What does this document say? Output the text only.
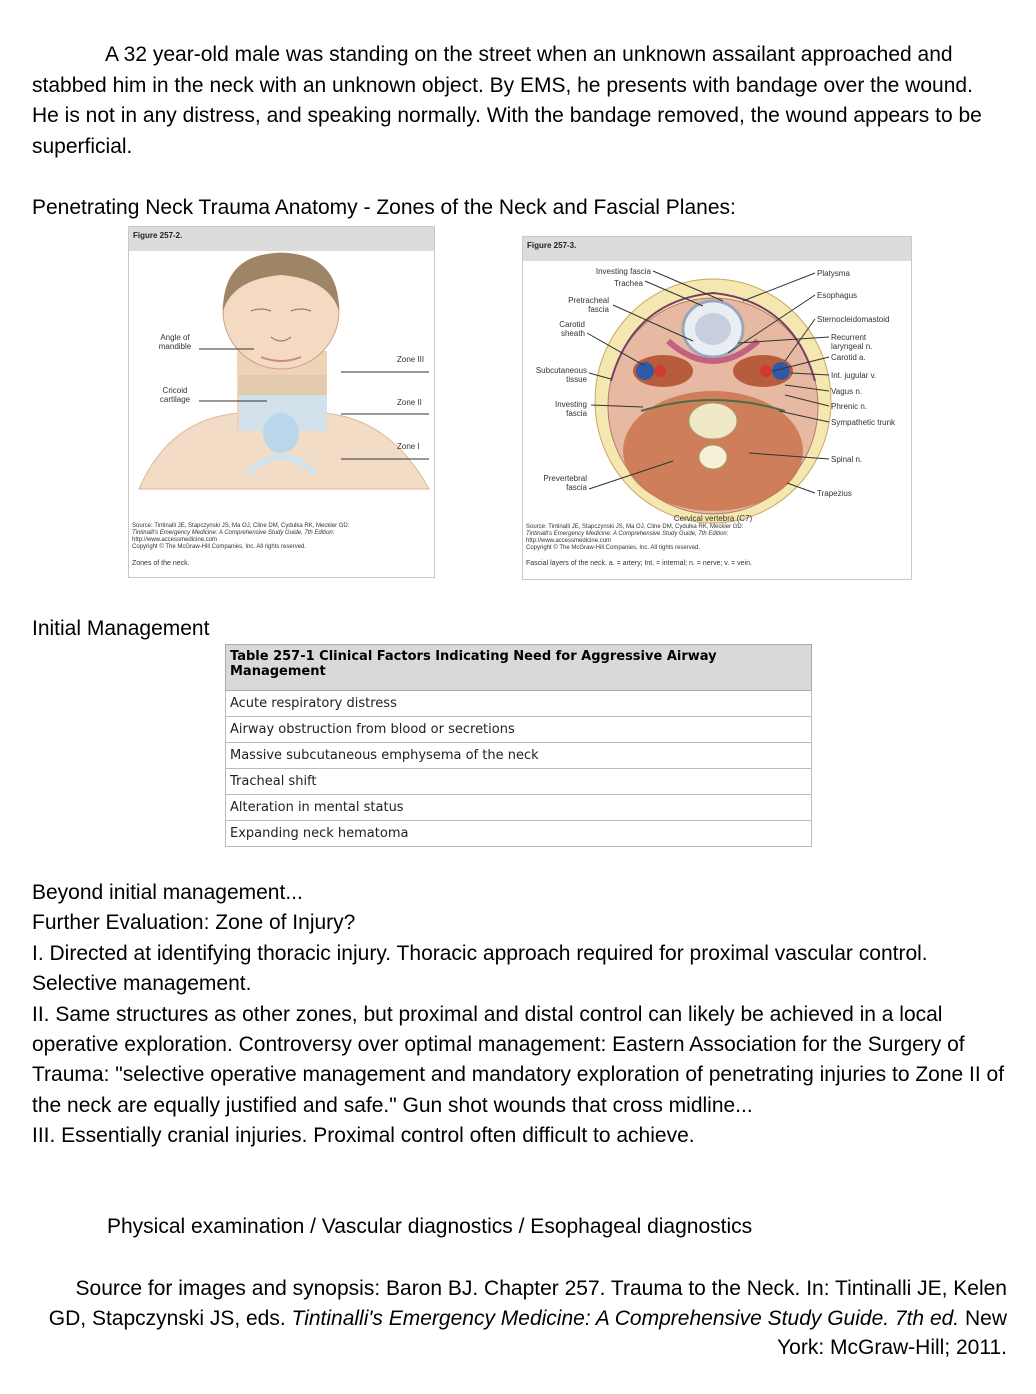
A 32 year-old male was standing on the street when an unknown assailant approached and stabbed him in the neck with an unknown object. By EMS, he presents with bandage over the wound. He is not in any distress, and speaking normally. With the bandage removed, the wound appears to be superficial.
Penetrating Neck Trauma Anatomy - Zones of the Neck and Fascial Planes:
Figure 257-2.
Angle of
mandible
Cricoid
cartilage
Zone III
Zone II
Zone I
Source: Tintinalli JE, Stapczynski JS, Ma OJ, Cline DM, Cydulka RK, Meckler GD:
Tintinalli's Emergency Medicine: A Comprehensive Study Guide, 7th Edition:
http://www.accessmedicine.com
Copyright © The McGraw-Hill Companies, Inc. All rights reserved.
Zones of the neck.
Figure 257-3.
Investing fascia
Trachea
Pretracheal
fascia
Carotid
sheath
Subcutaneous
tissue
Investing
fascia
Prevertebral
fascia
Cervical vertebra (C7)
Platysma
Esophagus
Sternocleidomastoid
Recurrent
laryngeal n.
Carotid a.
Int. jugular v.
Vagus n.
Phrenic n.
Sympathetic trunk
Spinal n.
Trapezius
Source: Tintinalli JE, Stapczynski JS, Ma OJ, Cline DM, Cydulka RK, Meckler GD:
Tintinalli's Emergency Medicine: A Comprehensive Study Guide, 7th Edition:
http://www.accessmedicine.com
Copyright © The McGraw-Hill Companies, Inc. All rights reserved.
Fascial layers of the neck. a. = artery; Int. = internal; n. = nerve; v. = vein.
Initial Management
Table 257-1 Clinical Factors Indicating Need for Aggressive Airway Management
Acute respiratory distress
Airway obstruction from blood or secretions
Massive subcutaneous emphysema of the neck
Tracheal shift
Alteration in mental status
Expanding neck hematoma
Beyond initial management...
Further Evaluation: Zone of Injury?
I. Directed at identifying thoracic injury. Thoracic approach required for proximal vascular control. Selective management.
II. Same structures as other zones, but proximal and distal control can likely be achieved in a local operative exploration. Controversy over optimal management: Eastern Association for the Surgery of Trauma: "selective operative management and mandatory exploration of penetrating injuries to Zone II of the neck are equally justified and safe." Gun shot wounds that cross midline...
III. Essentially cranial injuries. Proximal control often difficult to achieve.
Physical examination / Vascular diagnostics / Esophageal diagnostics
Source for images and synopsis: Baron BJ. Chapter 257. Trauma to the Neck. In: Tintinalli JE, Kelen GD, Stapczynski JS, eds. Tintinalli's Emergency Medicine: A Comprehensive Study Guide. 7th ed. New York: McGraw-Hill; 2011.
